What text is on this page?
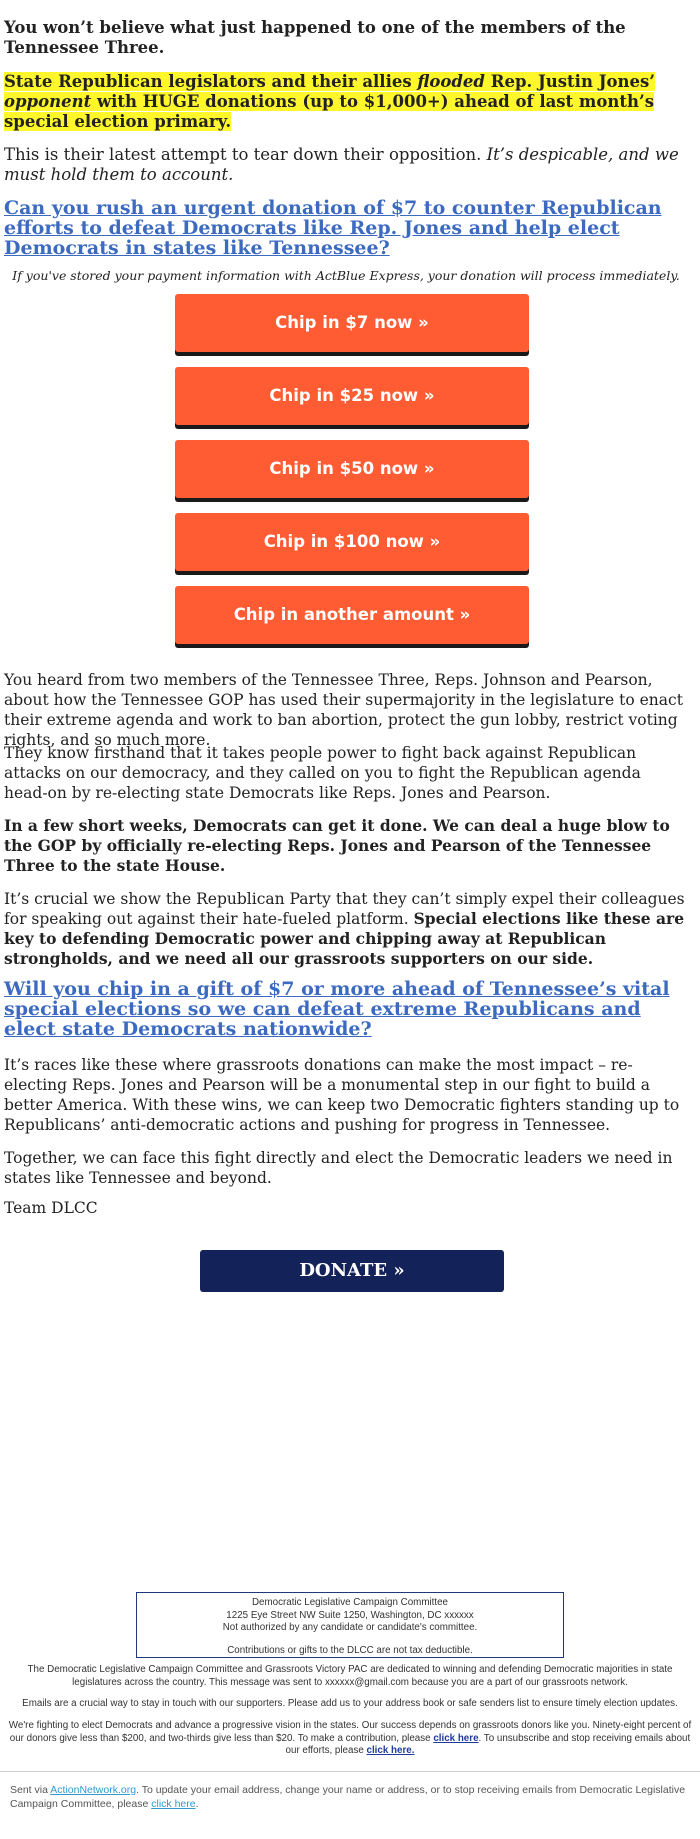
You won’t believe what just happened to one of the members of the Tennessee Three.

State Republican legislators and their allies flooded Rep. Justin Jones’ opponent with HUGE donations (up to $1,000+) ahead of last month’s special election primary.

This is their latest attempt to tear down their opposition. It’s despicable, and we must hold them to account.

Can you rush an urgent donation of $7 to counter Republican efforts to defeat Democrats like Rep. Jones and help elect Democrats in states like Tennessee?

If you've stored your payment information with ActBlue Express, your donation will process immediately.

Chip in $7 now »
Chip in $25 now »
Chip in $50 now »
Chip in $100 now »
Chip in another amount »

You heard from two members of the Tennessee Three, Reps. Johnson and Pearson, about how the Tennessee GOP has used their supermajority in the legislature to enact their extreme agenda and work to ban abortion, protect the gun lobby, restrict voting rights, and so much more.

They know firsthand that it takes people power to fight back against Republican attacks on our democracy, and they called on you to fight the Republican agenda head-on by re-electing state Democrats like Reps. Jones and Pearson.

In a few short weeks, Democrats can get it done. We can deal a huge blow to the GOP by officially re-electing Reps. Jones and Pearson of the Tennessee Three to the state House.

It’s crucial we show the Republican Party that they can’t simply expel their colleagues for speaking out against their hate-fueled platform. Special elections like these are key to defending Democratic power and chipping away at Republican strongholds, and we need all our grassroots supporters on our side.

Will you chip in a gift of $7 or more ahead of Tennessee’s vital special elections so we can defeat extreme Republicans and elect state Democrats nationwide?

It’s races like these where grassroots donations can make the most impact – re-electing Reps. Jones and Pearson will be a monumental step in our fight to build a better America. With these wins, we can keep two Democratic fighters standing up to Republicans’ anti-democratic actions and pushing for progress in Tennessee.

Together, we can face this fight directly and elect the Democratic leaders we need in states like Tennessee and beyond.

Team DLCC

DONATE »
Democratic Legislative Campaign Committee
1225 Eye Street NW Suite 1250, Washington, DC xxxxxx
Not authorized by any candidate or candidate's committee.
Contributions or gifts to the DLCC are not tax deductible.

The Democratic Legislative Campaign Committee and Grassroots Victory PAC are dedicated to winning and defending Democratic majorities in state legislatures across the country. This message was sent to xxxxxx@gmail.com because you are a part of our grassroots network.

Emails are a crucial way to stay in touch with our supporters. Please add us to your address book or safe senders list to ensure timely election updates.

We're fighting to elect Democrats and advance a progressive vision in the states. Our success depends on grassroots donors like you. Ninety-eight percent of our donors give less than $200, and two-thirds give less than $20. To make a contribution, please click here. To unsubscribe and stop receiving emails about our efforts, please click here.

Sent via ActionNetwork.org. To update your email address, change your name or address, or to stop receiving emails from Democratic Legislative Campaign Committee, please click here.
